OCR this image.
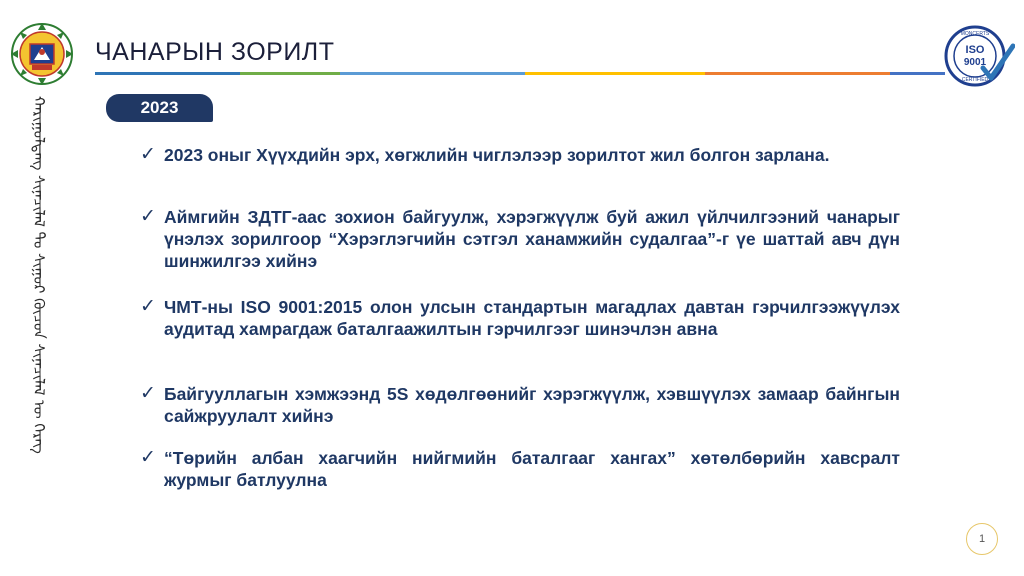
ЧАНАРЫН ЗОРИЛТ
MONCERTS
ISO
9001
CERTIFIED
ᠬᠠᠷᠢᠭᠤᠯᠳᠠᠩ ᠰᠢᠨᠡᠴᠢᠯᠡᠯ ᠲᠤ ᠰᠢᠭᠤᠷ ᠬᠦᠴᠦᠨ ᠰᠢᠨᠡᠴᠢᠯᠡᠯ ᠦ ᠬᠡᠷᠡᠭ	2023
✓ 2023 оныг Хүүхдийн эрх, хөгжлийн чиглэлээр зорилтот жил болгон зарлана.
✓ Аймгийн ЗДТГ-аас зохион байгуулж, хэрэгжүүлж буй ажил үйлчилгээний чанарыг үнэлэх зорилгоор “Хэрэглэгчийн сэтгэл ханамжийн судалгаа”-г үе шаттай авч дүн шинжилгээ хийнэ
✓ ЧМТ-ны ISO 9001:2015 олон улсын стандартын магадлах давтан гэрчилгээжүүлэх аудитад хамрагдаж баталгаажилтын гэрчилгээг шинэчлэн авна
✓ Байгууллагын хэмжээнд 5S хөдөлгөөнийг хэрэгжүүлж, хэвшүүлэх замаар байнгын сайжруулалт хийнэ
✓ “Төрийн албан хаагчийн нийгмийн баталгааг хангах” хөтөлбөрийн хавсралт журмыг батлуулна
1
